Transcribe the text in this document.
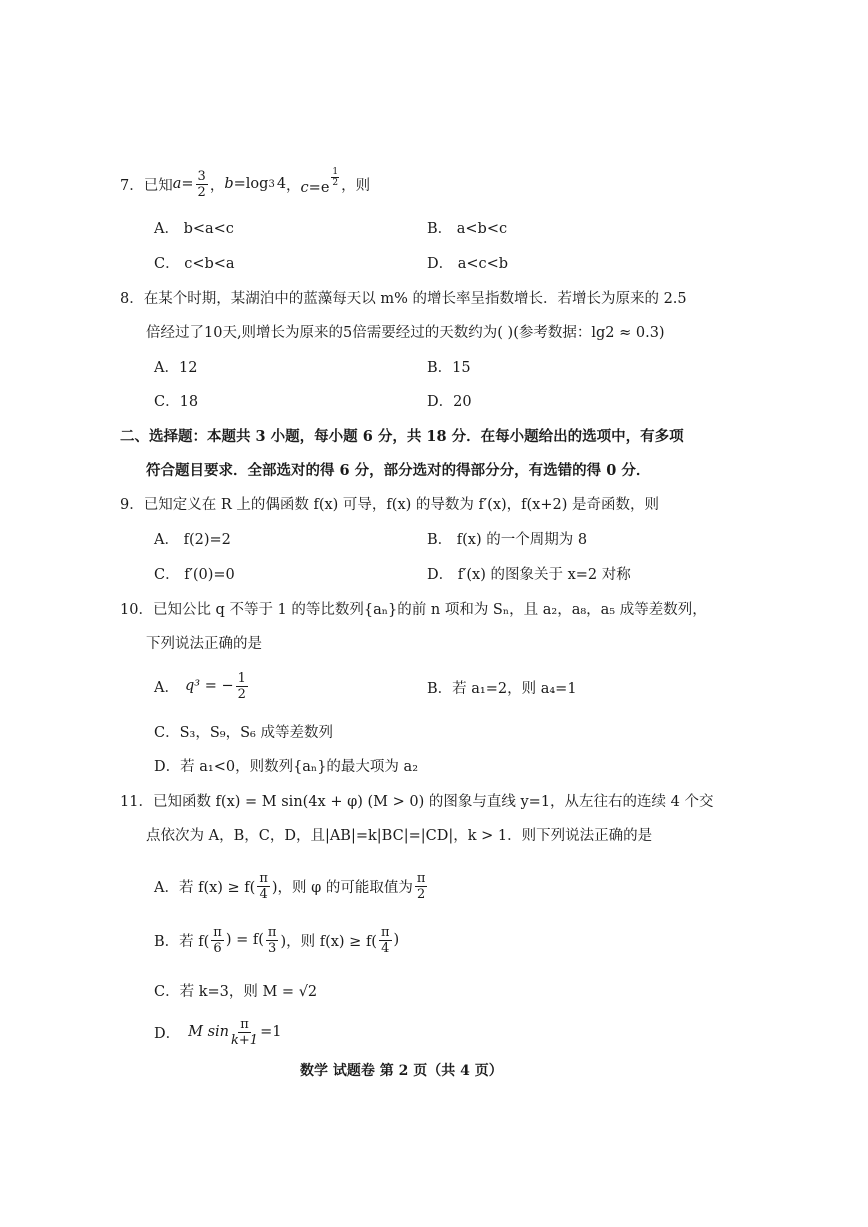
7．已知 $a = \frac{3}{2}$ ， b =log 3 4 ， $c =e \frac{1}{2}$ ，则
A． b<a<c	B． a<b<c
C． c<b<a	D． a<c<b
8．在某个时期，某湖泊中的蓝藻每天以 m% 的增长率呈指数增长．若增长为原来的 2.5
倍经过了10天,则增长为原来的5倍需要经过的天数约为( )(参考数据：lg2 ≈ 0.3)
A．12	B．15
C．18	D．20
二、选择题：本题共 3 小题，每小题 6 分，共 18 分．在每小题给出的选项中，有多项
符合题目要求．全部选对的得 6 分，部分选对的得部分分，有选错的得 0 分．
9．已知定义在 R 上的偶函数 f(x) 可导，f(x) 的导数为 f′(x)，f(x+2) 是奇函数，则
A． f(2)=2	B． f(x) 的一个周期为 8
C． f′(0)=0	D． f′(x) 的图象关于 x=2 对称
10．已知公比 q 不等于 1 的等比数列{aₙ}的前 n 项和为 Sₙ，且 a₂，a₈，a₅ 成等差数列，
下列说法正确的是
A． q³ = − $\frac{1}{2}$	B．若 a₁=2，则 a₄=1
C．S₃，S₉，S₆ 成等差数列
D．若 a₁<0，则数列{aₙ}的最大项为 a₂
11．已知函数 f(x) = M sin(4x + φ) (M > 0) 的图象与直线 y=1，从左往右的连续 4 个交
点依次为 A，B，C，D，且|AB|=k|BC|=|CD|，k > 1．则下列说法正确的是
A．若 $f(x) \ge f( \frac{\pi}{4}$ )，则 φ 的可能取值为 $\frac{\pi}{2}$
B．若 $f( \frac{\pi}{6}$ ) = $f( \frac{\pi}{3}$ )，则 $f(x) \ge f( \frac{\pi}{4}$ )
C．若 k=3，则 M = √2
D． M $\sin \frac{\pi}{k+1} =1$
数学 试题卷 第 2 页（共 4 页）
